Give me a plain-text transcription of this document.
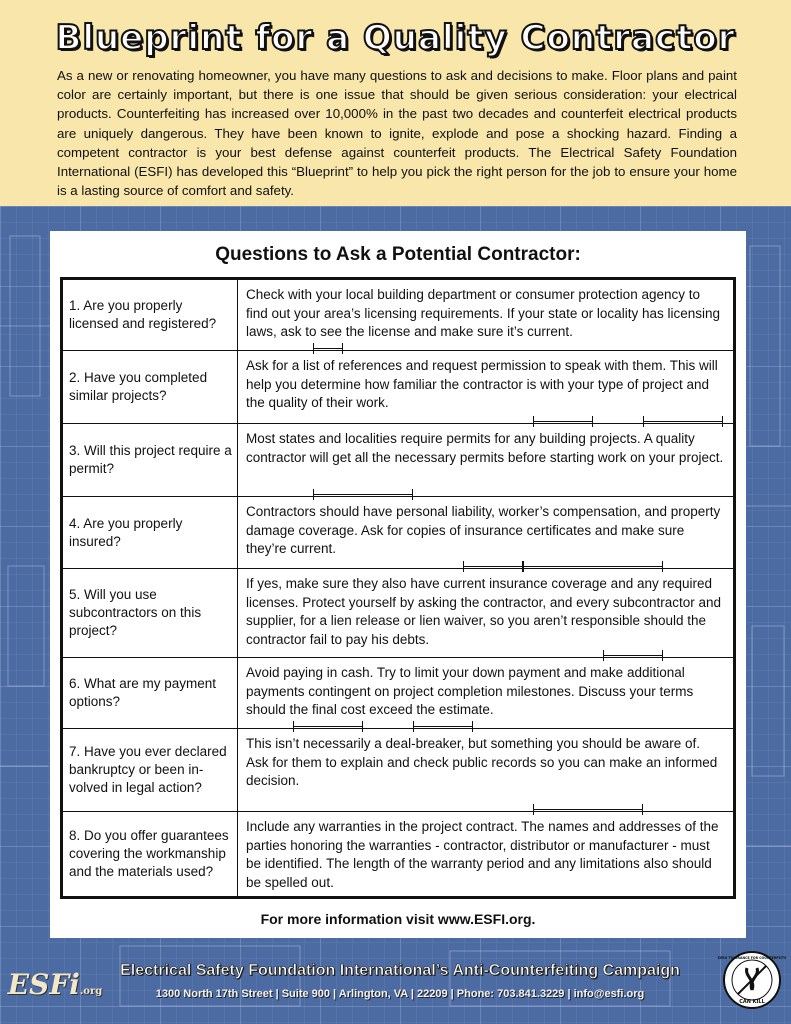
Blueprint for a Quality Contractor
As a new or renovating homeowner, you have many questions to ask and decisions to make. Floor plans and paint color are certainly important, but there is one issue that should be given serious consideration: your electrical products. Counterfeiting has increased over 10,000% in the past two decades and counterfeit electrical products are uniquely dangerous. They have been known to ignite, explode and pose a shocking hazard. Finding a competent contractor is your best defense against counterfeit products. The Electrical Safety Foundation International (ESFI) has developed this “Blueprint” to help you pick the right person for the job to ensure your home is a lasting source of comfort and safety.
Questions to Ask a Potential Contractor:
1. Are you properly licensed and registered?
Check with your local building department or consumer protection agency to find out your area’s licensing requirements. If your state or locality has licensing laws, ask to see the license and make sure it’s current.
2. Have you completed similar projects?
Ask for a list of references and request permission to speak with them. This will help you determine how familiar the contractor is with your type of project and the quality of their work.
3. Will this project require a permit?
Most states and localities require permits for any building projects. A quality contractor will get all the necessary permits before starting work on your project.
4. Are you properly insured?
Contractors should have personal liability, worker’s compensation, and property damage coverage. Ask for copies of insurance certificates and make sure they’re current.
5. Will you use subcontractors on this project?
If yes, make sure they also have current insurance coverage and any required licenses. Protect yourself by asking the contractor, and every subcontractor and supplier, for a lien release or lien waiver, so you aren’t responsible should the contractor fail to pay his debts.
6. What are my payment options?
Avoid paying in cash. Try to limit your down payment and make additional payments contingent on project completion milestones. Discuss your terms should the final cost exceed the estimate.
7. Have you ever declared bankruptcy or been in-volved in legal action?
This isn’t necessarily a deal-breaker, but something you should be aware of. Ask for them to explain and check public records so you can make an informed decision.
8. Do you offer guarantees covering the workmanship and the materials used?
Include any warranties in the project contract. The names and addresses of the parties honoring the warranties - contractor, distributor or manufacturer - must be identified. The length of the warranty period and any limitations also should be spelled out.
For more information visit www.ESFI.org.
ESFi .org
Electrical Safety Foundation International’s Anti-Counterfeiting Campaign
1300 North 17th Street | Suite 900 | Arlington, VA | 22209 | Phone: 703.841.3229 | info@esfi.org
CAN KILL
ZERO TOLERANCE FOR COUNTERFEITS
